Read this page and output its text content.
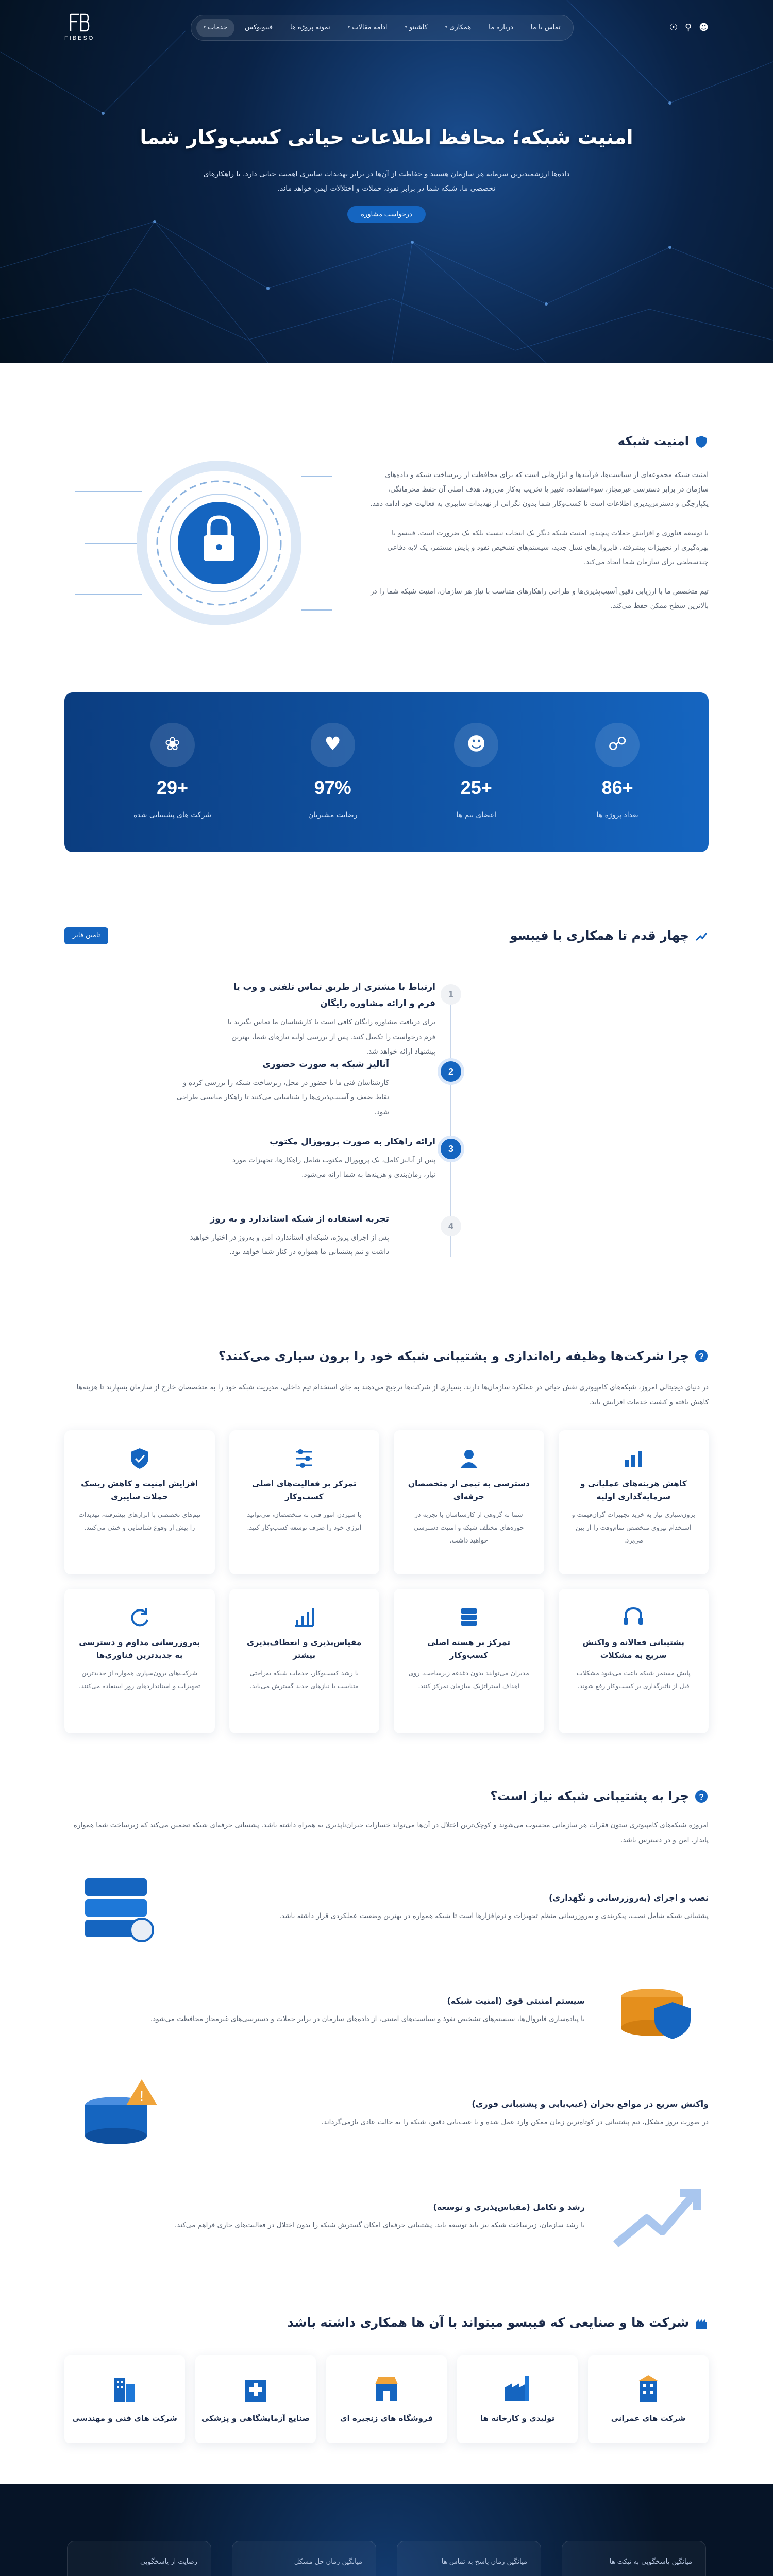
☻
⚲
☉
تماس با ما
درباره ما
همکاری
▾
کاشینو
▾
ادامه مقالات
▾
نمونه پروژه ها
فیبونوکس
خدمات
▾
FIBESO
امنیت شبکه؛ محافظ اطلاعات حیاتی کسب‌و‌کار شما

داده‌ها ارزشمندترین سرمایه هر سازمان هستند و حفاظت از آن‌ها در برابر تهدیدات سایبری اهمیت حیاتی دارد. با راهکارهای تخصصی ما، شبکه شما در برابر نفوذ، حملات و اختلالات ایمن خواهد ماند.

درخواست مشاوره
امنیت شبکه

امنیت شبکه مجموعه‌ای از سیاست‌ها، فرآیندها و ابزارهایی است که برای محافظت از زیرساخت شبکه و داده‌های سازمان در برابر دسترسی غیرمجاز، سوءاستفاده، تغییر یا تخریب به‌کار می‌رود. هدف اصلی آن حفظ محرمانگی، یکپارچگی و دسترس‌پذیری اطلاعات است تا کسب‌وکار شما بدون نگرانی از تهدیدات سایبری به فعالیت خود ادامه دهد.

با توسعه فناوری و افزایش حملات پیچیده، امنیت شبکه دیگر یک انتخاب نیست بلکه یک ضرورت است. فیبسو با بهره‌گیری از تجهیزات پیشرفته، فایروال‌های نسل جدید، سیستم‌های تشخیص نفوذ و پایش مستمر، یک لایه دفاعی چندسطحی برای سازمان شما ایجاد می‌کند.

تیم متخصص ما با ارزیابی دقیق آسیب‌پذیری‌ها و طراحی راهکارهای متناسب با نیاز هر سازمان، امنیت شبکه شما را در بالاترین سطح ممکن حفظ می‌کند.

☍
+86
تعداد پروژه ها
☻
+25
اعضای تیم ها
♥
97%
رضایت مشتریان
❀
+29
شرکت های پشتیبانی شده
چهار قدم تا همکاری با فیبسو
تامین فایر
1
ارتباط با مشتری از طریق تماس تلفنی و وب‌ یا فرم و ارائه مشاوره رایگان

برای دریافت مشاوره رایگان کافی است با کارشناسان ما تماس بگیرید یا فرم درخواست را تکمیل کنید. پس از بررسی اولیه نیازهای شما، بهترین پیشنهاد ارائه خواهد شد.

2
آنالیز شبکه به صورت حضوری

کارشناسان فنی ما با حضور در محل، زیرساخت شبکه را بررسی کرده و نقاط ضعف و آسیب‌پذیری‌ها را شناسایی می‌کنند تا راهکار مناسبی طراحی شود.

3
ارائه راهکار به صورت پروپوزال مکتوب

پس از آنالیز کامل، یک پروپوزال مکتوب شامل راهکارها، تجهیزات مورد نیاز، زمان‌بندی و هزینه‌ها به شما ارائه می‌شود.

4
تجربه استفاده از شبکه استاندارد و به روز

پس از اجرای پروژه، شبکه‌ای استاندارد، امن و به‌روز در اختیار خواهید داشت و تیم پشتیبانی ما همواره در کنار شما خواهد بود.

?
چرا شرکت‌ها وظیفه راه‌اندازی و پشتیبانی شبکه خود را برون سپاری می‌کنند؟

در دنیای دیجیتالی امروز، شبکه‌های کامپیوتری نقش حیاتی در عملکرد سازمان‌ها دارند. بسیاری از شرکت‌ها ترجیح می‌دهند به جای استخدام تیم داخلی، مدیریت شبکه خود را به متخصصان خارج از سازمان بسپارند تا هزینه‌ها کاهش یافته و کیفیت خدمات افزایش یابد.

کاهش هزینه‌های عملیاتی و سرمایه‌گذاری اولیه

برون‌سپاری نیاز به خرید تجهیزات گران‌قیمت و استخدام نیروی متخصص تمام‌وقت را از بین می‌برد.

دسترسی به تیمی از متخصصان حرفه‌ای

شما به گروهی از کارشناسان با تجربه در حوزه‌های مختلف شبکه و امنیت دسترسی خواهید داشت.

تمرکز بر فعالیت‌های اصلی کسب‌وکار

با سپردن امور فنی به متخصصان، می‌توانید انرژی خود را صرف توسعه کسب‌وکار کنید.

افزایش امنیت و کاهش ریسک حملات سایبری

تیم‌های تخصصی با ابزارهای پیشرفته، تهدیدات را پیش از وقوع شناسایی و خنثی می‌کنند.

پشتیبانی فعالانه و واکنش سریع به مشکلات

پایش مستمر شبکه باعث می‌شود مشکلات قبل از تاثیرگذاری بر کسب‌وکار رفع شوند.

تمرکز بر هسته اصلی کسب‌وکار

مدیران می‌توانند بدون دغدغه زیرساخت، روی اهداف استراتژیک سازمان تمرکز کنند.

مقیاس‌پذیری و انعطاف‌پذیری بیشتر

با رشد کسب‌وکار، خدمات شبکه به‌راحتی متناسب با نیازهای جدید گسترش می‌یابد.

به‌روزرسانی مداوم و دسترسی به جدیدترین فناوری‌ها

شرکت‌های برون‌سپاری همواره از جدیدترین تجهیزات و استانداردهای روز استفاده می‌کنند.

?
چرا به پشتیبانی شبکه نیاز است؟

امروزه شبکه‌های کامپیوتری ستون فقرات هر سازمانی محسوب می‌شوند و کوچک‌ترین اختلال در آن‌ها می‌تواند خسارات جبران‌ناپذیری به همراه داشته باشد. پشتیبانی حرفه‌ای شبکه تضمین می‌کند که زیرساخت شما همواره پایدار، امن و در دسترس باشد.

نصب و اجرای (به‌روزرسانی و نگهداری)

پشتیبانی شبکه شامل نصب، پیکربندی و به‌روزرسانی منظم تجهیزات و نرم‌افزارها است تا شبکه همواره در بهترین وضعیت عملکردی قرار داشته باشد.

سیستم امنیتی قوی (امنیت شبکه)

با پیاده‌سازی فایروال‌ها، سیستم‌های تشخیص نفوذ و سیاست‌های امنیتی، از داده‌های سازمان در برابر حملات و دسترسی‌های غیرمجاز محافظت می‌شود.

واکنش سریع در مواقع بحران (عیب‌یابی و پشتیبانی فوری)

در صورت بروز مشکل، تیم پشتیبانی در کوتاه‌ترین زمان ممکن وارد عمل شده و با عیب‌یابی دقیق، شبکه را به حالت عادی بازمی‌گرداند.

!
رشد و تکامل (مقیاس‌پذیری و توسعه)

با رشد سازمان، زیرساخت شبکه نیز باید توسعه یابد. پشتیبانی حرفه‌ای امکان گسترش شبکه را بدون اختلال در فعالیت‌های جاری فراهم می‌کند.

شرکت ها و صنایعی که فیبسو میتواند با آن ها همکاری داشته باشد
شرکت های عمرانی
تولیدی و کارخانه ها
فروشگاه های زنجیره ای
صنایع آزمایشگاهی و پزشکی
شرکت های فنی و مهندسی
میانگین پاسخگویی به تیکت ها
میانگین زمان پاسخ به تماس ها
میانگین زمان حل مشکل
رضایت از پاسخگویی
